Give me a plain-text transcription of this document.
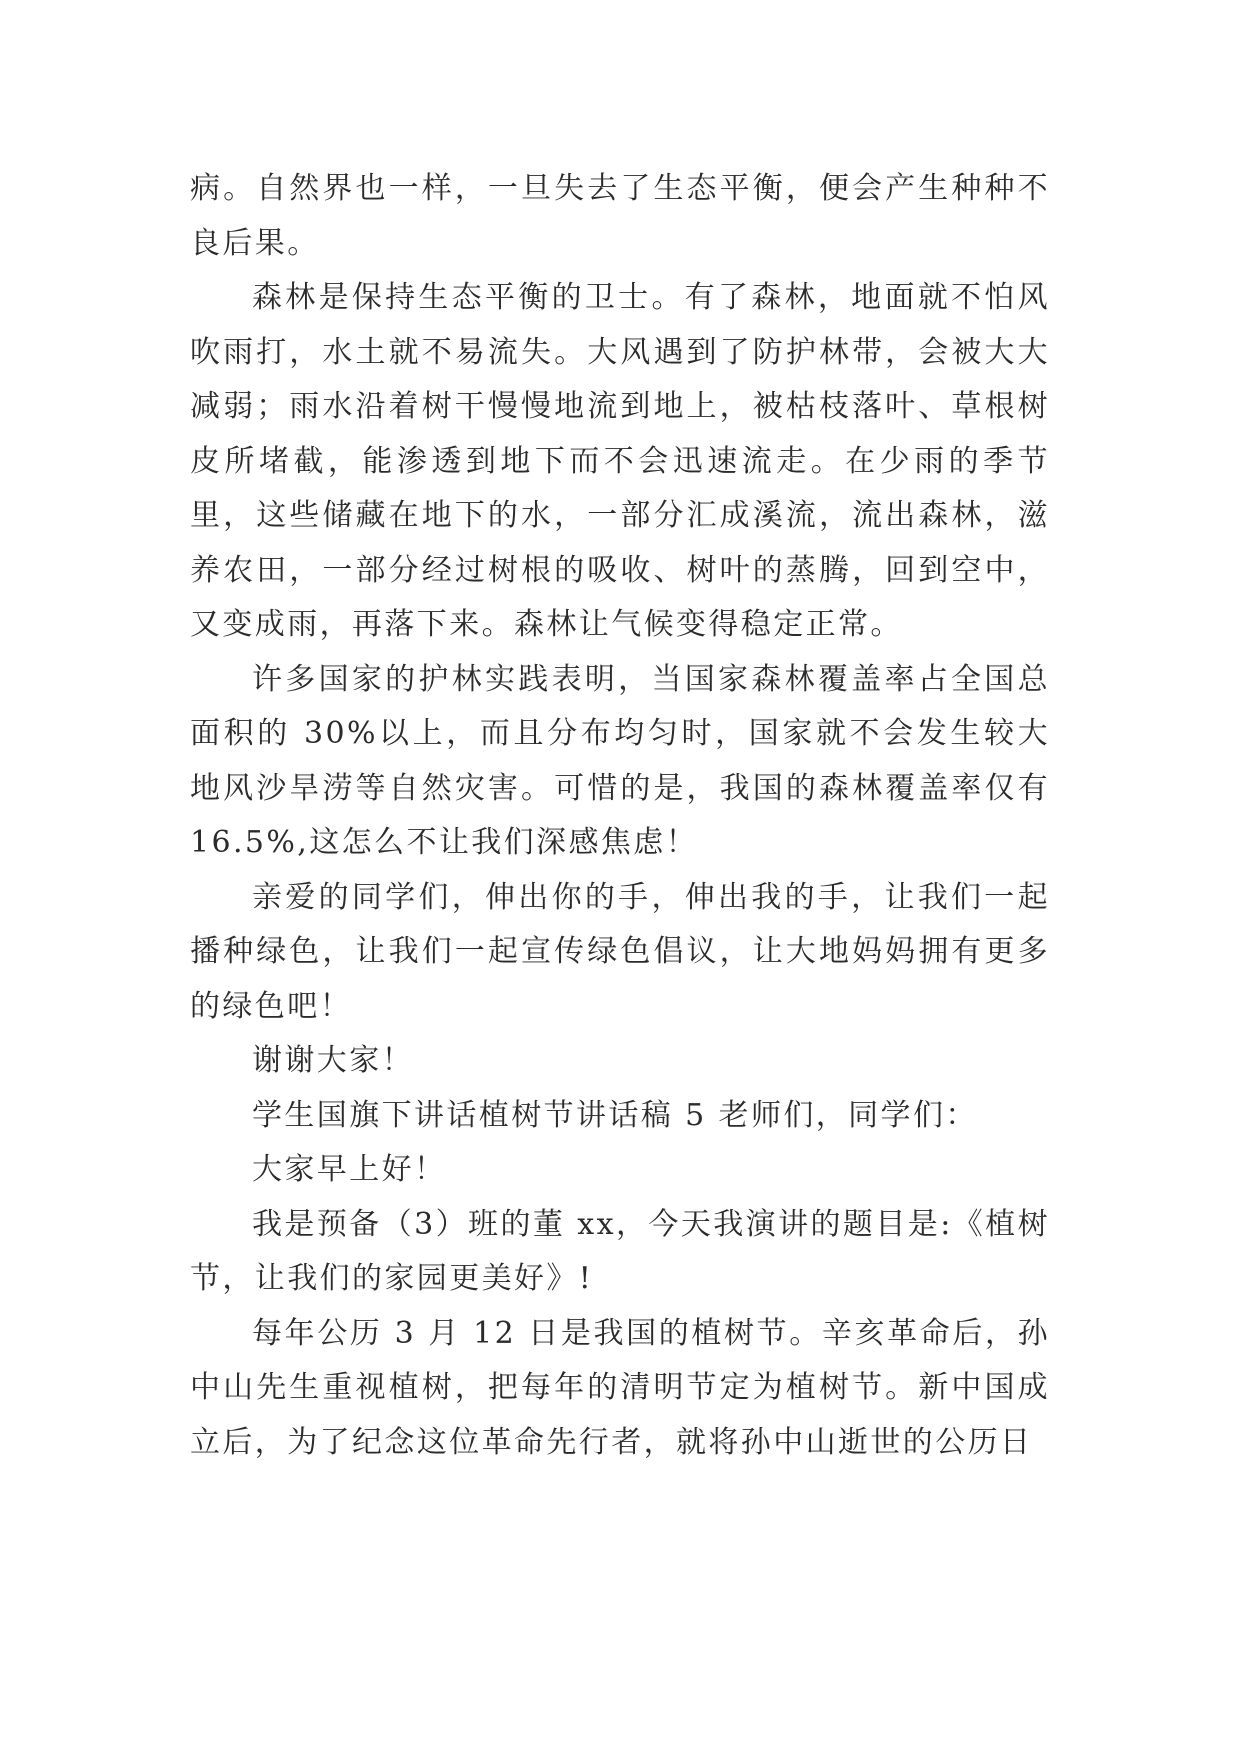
病。自然界也一样，一旦失去了生态平衡，便会产生种种不良后果。

森林是保持生态平衡的卫士。有了森林，地面就不怕风吹雨打，水土就不易流失。大风遇到了防护林带，会被大大减弱；雨水沿着树干慢慢地流到地上，被枯枝落叶、草根树皮所堵截，能渗透到地下而不会迅速流走。在少雨的季节里，这些储藏在地下的水，一部分汇成溪流，流出森林，滋养农田，一部分经过树根的吸收、树叶的蒸腾，回到空中，又变成雨，再落下来。森林让气候变得稳定正常。

许多国家的护林实践表明，当国家森林覆盖率占全国总面积的 30%以上，而且分布均匀时，国家就不会发生较大地风沙旱涝等自然灾害。可惜的是，我国的森林覆盖率仅有 16.5%,这怎么不让我们深感焦虑！

亲爱的同学们，伸出你的手，伸出我的手，让我们一起播种绿色，让我们一起宣传绿色倡议，让大地妈妈拥有更多的绿色吧！

谢谢大家！

学生国旗下讲话植树节讲话稿 5 老师们，同学们：

大家早上好！

我是预备（3）班的董 xx，今天我演讲的题目是:《植树节，让我们的家园更美好》!

每年公历 3 月 12 日是我国的植树节。辛亥革命后，孙中山先生重视植树，把每年的清明节定为植树节。新中国成立后，为了纪念这位革命先行者，就将孙中山逝世的公历日
